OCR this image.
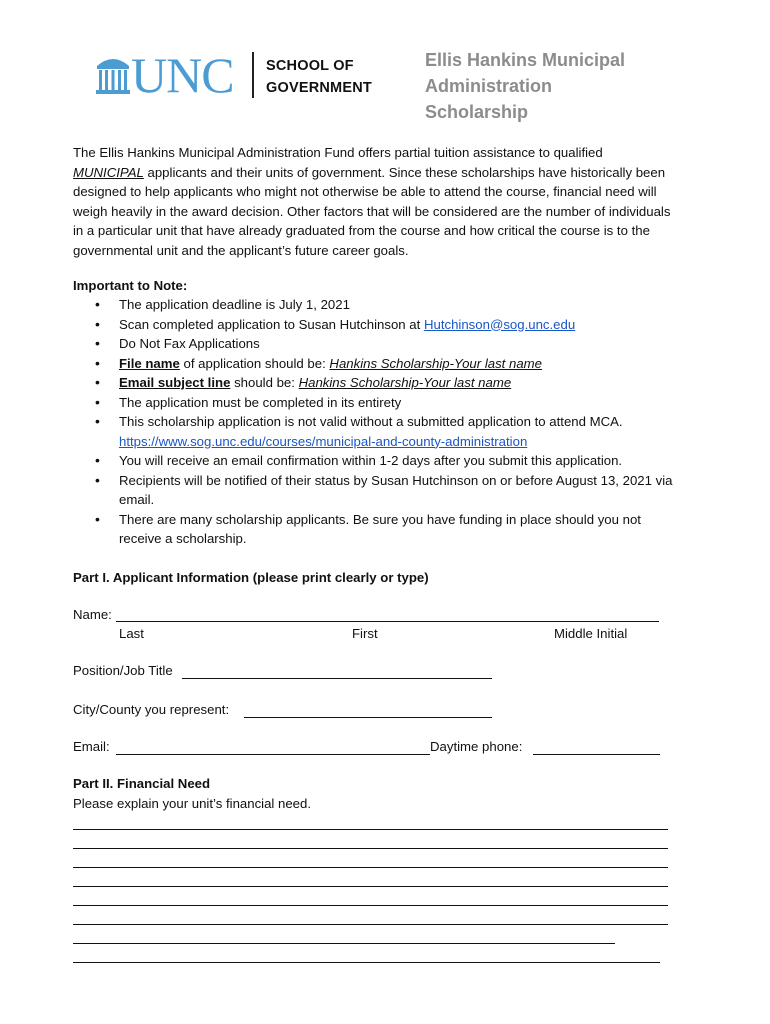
UNC SCHOOL OF
GOVERNMENT
Ellis Hankins Municipal
Administration
Scholarship
The Ellis Hankins Municipal Administration Fund offers partial tuition assistance to qualified MUNICIPAL applicants and their units of government. Since these scholarships have historically been designed to help applicants who might not otherwise be able to attend the course, financial need will weigh heavily in the award decision. Other factors that will be considered are the number of individuals in a particular unit that have already graduated from the course and how critical the course is to the governmental unit and the applicant’s future career goals.
Important to Note:
• The application deadline is July 1, 2021
• Scan completed application to Susan Hutchinson at Hutchinson@sog.unc.edu
• Do Not Fax Applications
• File name of application should be: Hankins Scholarship-Your last name
• Email subject line should be: Hankins Scholarship-Your last name
• The application must be completed in its entirety
• This scholarship application is not valid without a submitted application to attend MCA.
https://www.sog.unc.edu/courses/municipal-and-county-administration
• You will receive an email confirmation within 1-2 days after you submit this application.
• Recipients will be notified of their status by Susan Hutchinson on or before August 13, 2021 via email.
• There are many scholarship applicants. Be sure you have funding in place should you not receive a scholarship.
Part I. Applicant Information (please print clearly or type)
Name:
Last	First	Middle Initial
Position/Job Title
City/County you represent:
Email:	Daytime phone:
Part II. Financial Need
Please explain your unit’s financial need.
